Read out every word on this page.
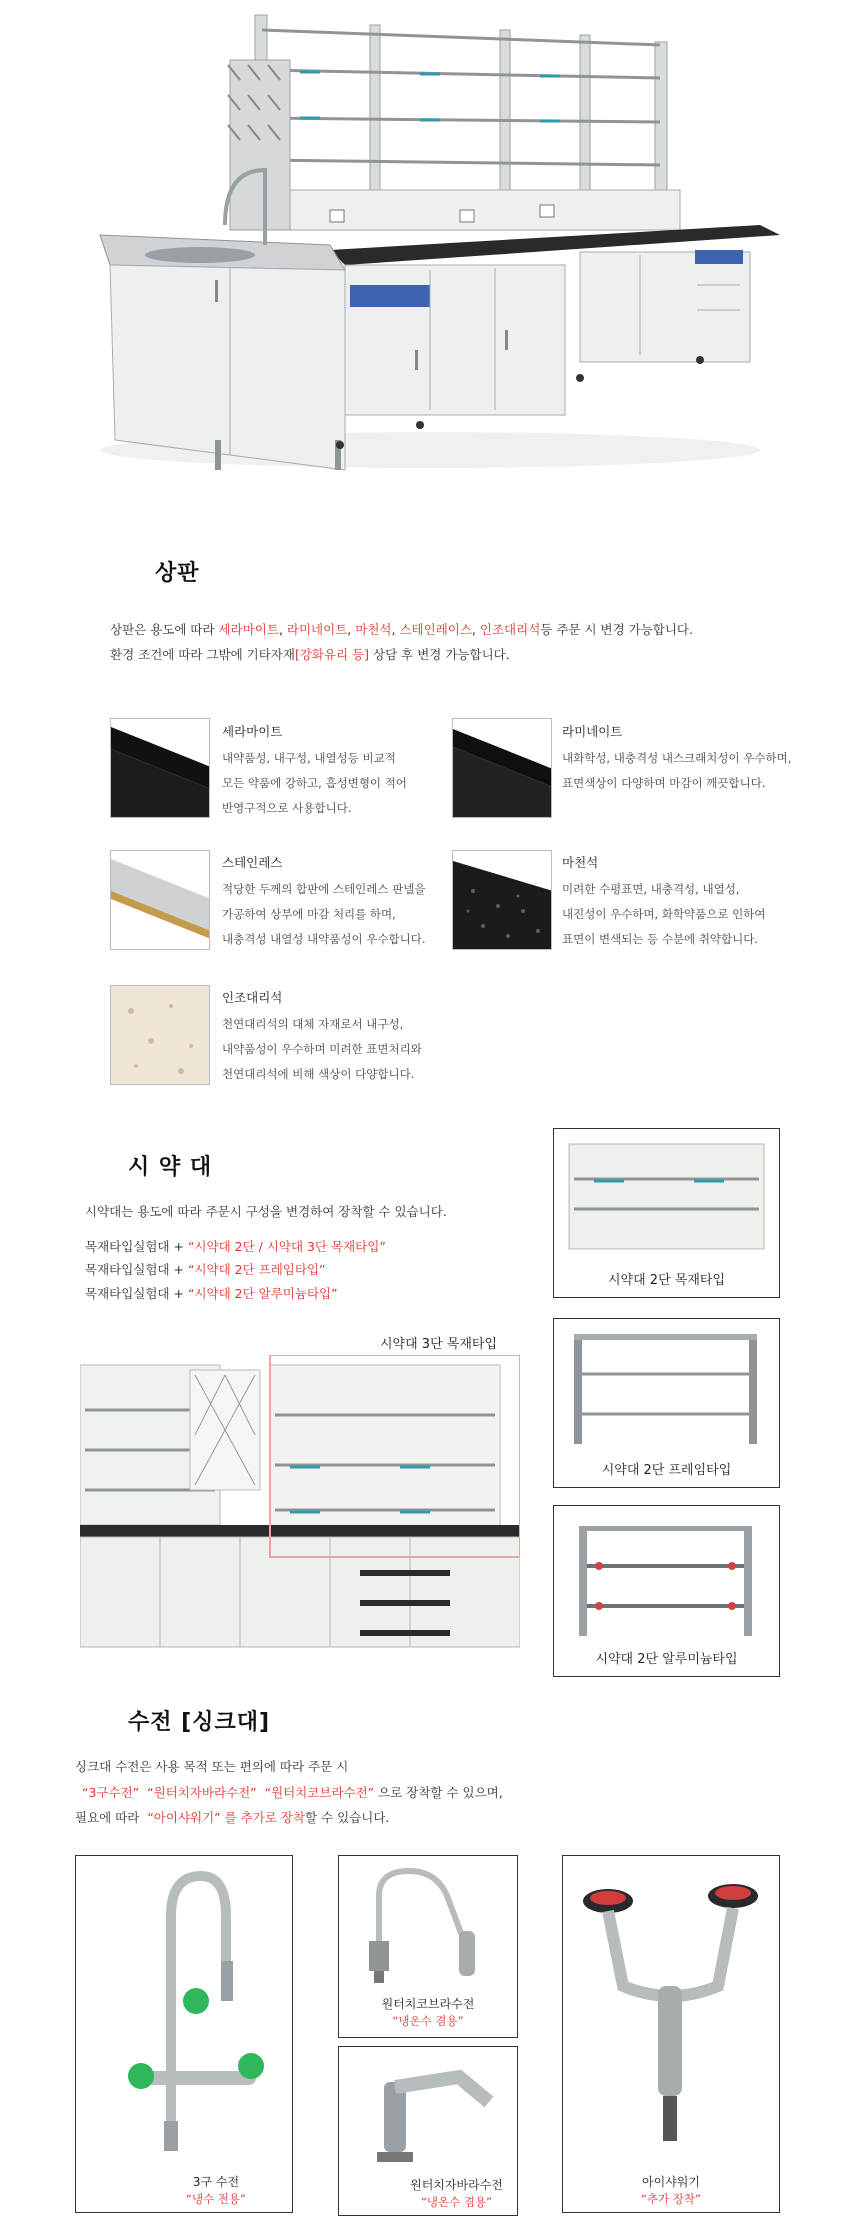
상판
상판은 용도에 따라 세라마이트, 라미네이트, 마천석, 스테인레이스, 인조대리석등 주문 시 변경 가능합니다.
환경 조건에 따라 그밖에 기타자재[강화유리 등] 상담 후 변경 가능합니다.
세라마이트
내약품성, 내구성, 내열성등 비교적
모든 약품에 강하고, 흡성변형이 적어
반영구적으로 사용합니다.
라미네이트
내화학성, 내충격성 내스크래치성이 우수하며,
표면색상이 다양하며 마감이 깨끗합니다.
스테인레스
적당한 두께의 합판에 스테인레스 판넬을
가공하여 상부에 마감 처리를 하며,
내충격성 내열성 내약품성이 우수합니다.
마천석
미려한 수평표면, 내충격성, 내열성,
내진성이 우수하며, 화학약품으로 인하여
표면이 변색되는 등 수분에 취약합니다.
인조대리석
천연대리석의 대체 자재로서 내구성,
내약품성이 우수하며 미려한 표면처리와
천연대리석에 비해 색상이 다양합니다.
시 약 대
시약대는 용도에 따라 주문시 구성을 변경하여 장착할 수 있습니다.
목재타입실험대 + “시약대 2단 / 시약대 3단 목재타입”
목재타입실험대 + “시약대 2단 프레임타입”
목재타입실험대 + “시약대 2단 알루미늄타입”
시약대 3단 목재타입
시약대 2단 목재타입
시약대 2단 프레임타입
시약대 2단 알루미늄타입
수전 [싱크대]
싱크대 수전은 사용 목적 또는 편의에 따라 주문 시
“3구수전” “원터치자바라수전” “원터치코브라수전” 으로 장착할 수 있으며,
필요에 따라 “아이샤워기” 를 추가로 장착할 수 있습니다.
3구 수전
“냉수 전용”
원터치코브라수전
“냉온수 겸용”
원터치자바라수전
“냉온수 겸용”
아이샤워기
“추가 장착”
